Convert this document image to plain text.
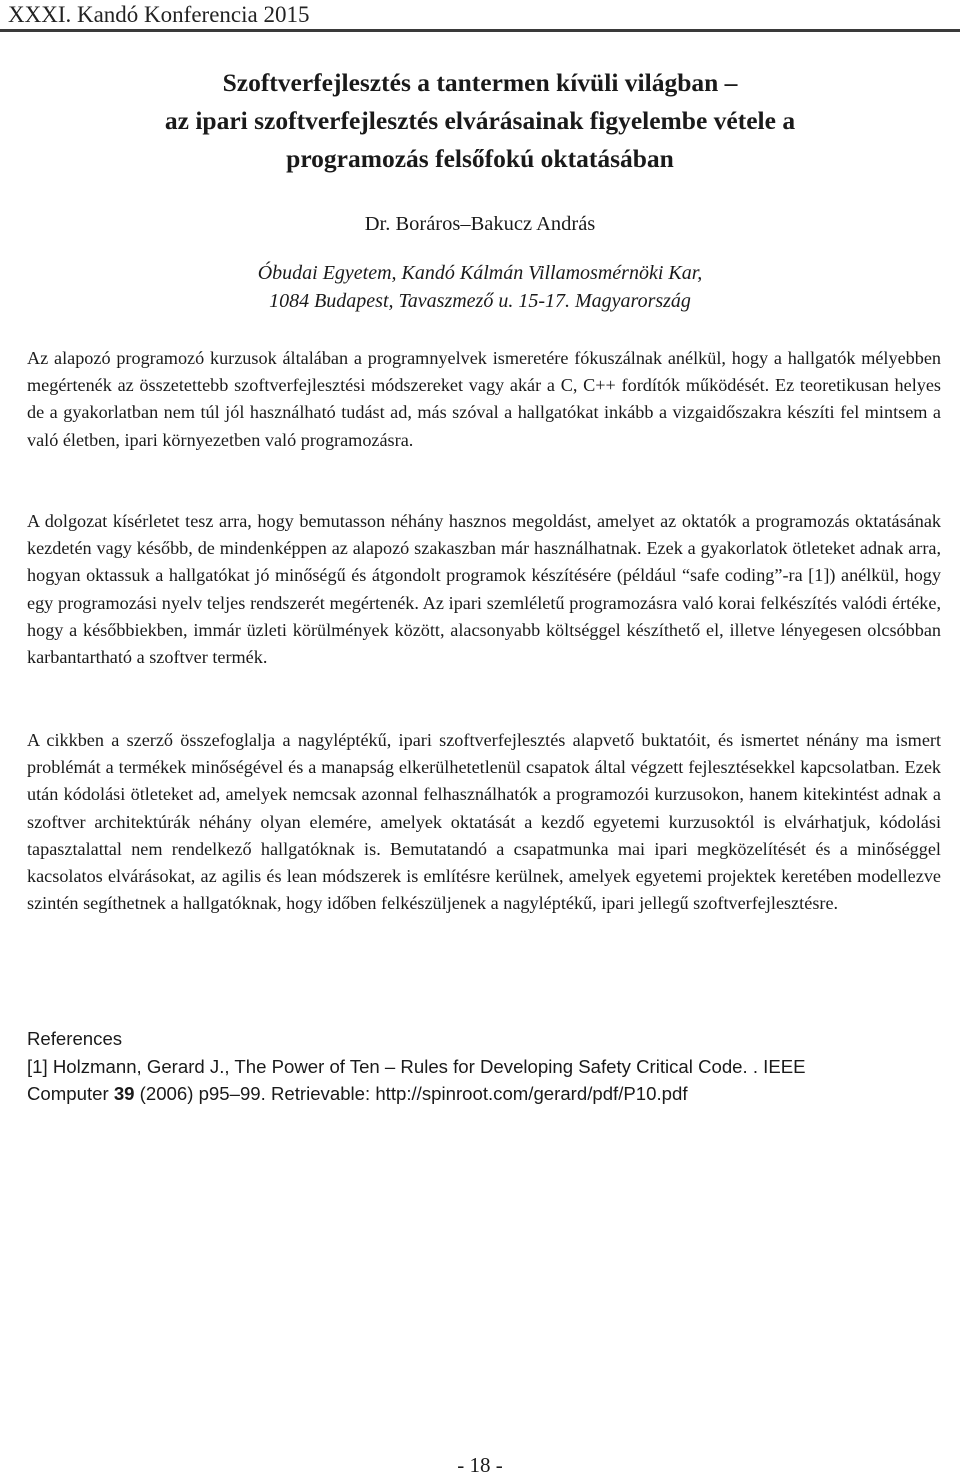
XXXI. Kandó Konferencia 2015
Szoftverfejlesztés a tantermen kívüli világban –
az ipari szoftverfejlesztés elvárásainak figyelembe vétele a
programozás felsőfokú oktatásában
Dr. Boráros–Bakucz András
Óbudai Egyetem, Kandó Kálmán Villamosmérnöki Kar,
1084 Budapest, Tavaszmező u. 15-17. Magyarország
Az alapozó programozó kurzusok általában a programnyelvek ismeretére fókuszálnak anélkül, hogy a hallgatók mélyebben megértenék az összetettebb szoftverfejlesztési módszereket vagy akár a C, C++ fordítók működését. Ez teoretikusan helyes de a gyakorlatban nem túl jól használható tudást ad, más szóval a hallgatókat inkább a vizgaidőszakra készíti fel mintsem a való életben, ipari környezetben való programozásra.
A dolgozat kísérletet tesz arra, hogy bemutasson néhány hasznos megoldást, amelyet az oktatók a programozás oktatásának kezdetén vagy később, de mindenképpen az alapozó szakaszban már használhatnak. Ezek a gyakorlatok ötleteket adnak arra, hogyan oktassuk a hallgatókat jó minőségű és átgondolt programok készítésére (például “safe coding”-ra [1]) anélkül, hogy egy programozási nyelv teljes rendszerét megértenék. Az ipari szemléletű programozásra való korai felkészítés valódi értéke, hogy a későbbiekben, immár üzleti körülmények között, alacsonyabb költséggel készíthető el, illetve lényegesen olcsóbban karbantartható a szoftver termék.
A cikkben a szerző összefoglalja a nagyléptékű, ipari szoftverfejlesztés alapvető buktatóit, és ismertet nénány ma ismert problémát a termékek minőségével és a manapság elkerülhetetlenül csapatok által végzett fejlesztésekkel kapcsolatban. Ezek után kódolási ötleteket ad, amelyek nemcsak azonnal felhasználhatók a programozói kurzusokon, hanem kitekintést adnak a szoftver architektúrák néhány olyan elemére, amelyek oktatását a kezdő egyetemi kurzusoktól is elvárhatjuk, kódolási tapasztalattal nem rendelkező hallgatóknak is. Bemutatandó a csapatmunka mai ipari megközelítését és a minőséggel kacsolatos elvárásokat, az agilis és lean módszerek is említésre kerülnek, amelyek egyetemi projektek keretében modellezve szintén segíthetnek a hallgatóknak, hogy időben felkészüljenek a nagyléptékű, ipari jellegű szoftverfejlesztésre.
References
[1] Holzmann, Gerard J., The Power of Ten – Rules for Developing Safety Critical Code. . IEEE
Computer 39 (2006) p95–99. Retrievable: http://spinroot.com/gerard/pdf/P10.pdf
- 18 -
